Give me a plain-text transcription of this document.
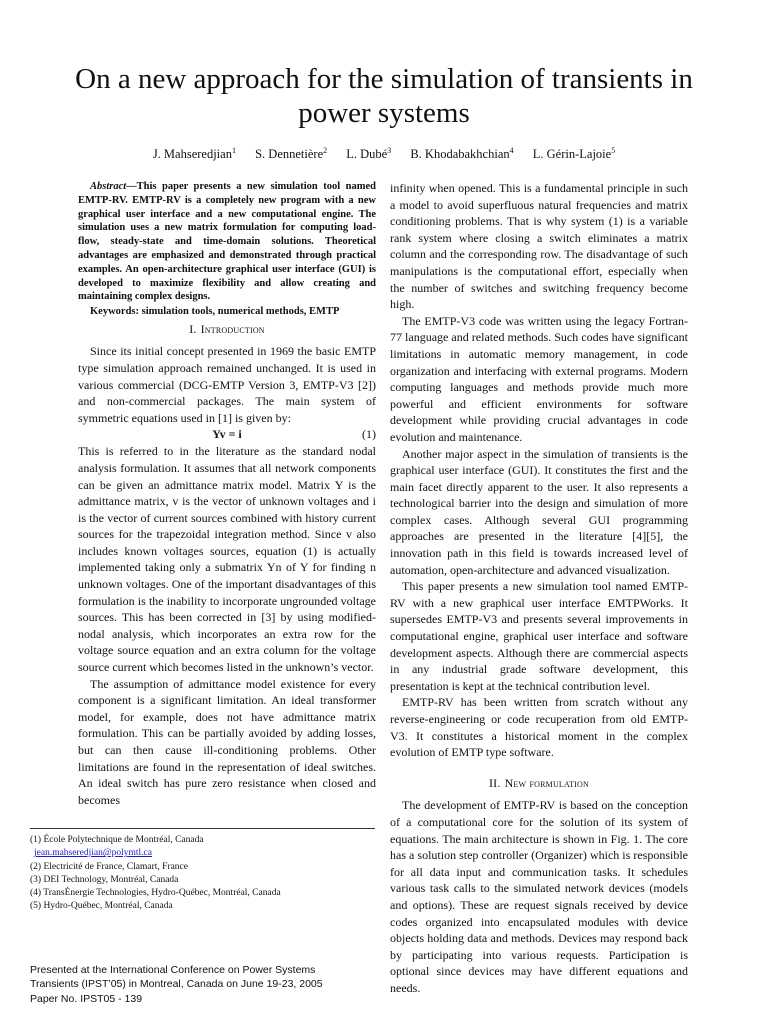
On a new approach for the simulation of transients in power systems
J. Mahseredjian$^1$ S. Dennetière$^2$ L. Dubé$^3$ B. Khodabakhchian$^4$ L. Gérin-Lajoie$^5$

Abstract—This paper presents a new simulation tool named EMTP-RV. EMTP-RV is a completely new program with a new graphical user interface and a new computational engine. The simulation uses a new matrix formulation for computing load-flow, steady-state and time-domain solutions. Theoretical advantages are emphasized and demonstrated through practical examples. An open-architecture graphical user interface (GUI) is developed to maximize flexibility and allow creating and maintaining complex designs.

Keywords: simulation tools, numerical methods, EMTP

I. Introduction

Since its initial concept presented in 1969 the basic EMTP type simulation approach remained unchanged. It is used in various commercial (DCG-EMTP Version 3, EMTP-V3 [2]) and non-commercial packages. The main system of symmetric equations used in [1] is given by:

Yv = i	(1)

This is referred to in the literature as the standard nodal analysis formulation. It assumes that all network components can be given an admittance matrix model. Matrix Y is the admittance matrix, v is the vector of unknown voltages and i is the vector of current sources combined with history current sources for the trapezoidal integration method. Since v also includes known voltages sources, equation (1) is actually implemented taking only a submatrix Yn of Y for finding n unknown voltages. One of the important disadvantages of this formulation is the inability to incorporate ungrounded voltage sources. This has been corrected in [3] by using modified-nodal analysis, which incorporates an extra row for the voltage source equation and an extra column for the voltage source current which becomes listed in the unknown’s vector.

The assumption of admittance model existence for every component is a significant limitation. An ideal transformer model, for example, does not have admittance matrix formulation. This can be partially avoided by adding losses, but can then cause ill-conditioning problems. Other limitations are found in the representation of ideal switches. An ideal switch has pure zero resistance when closed and becomes

infinity when opened. This is a fundamental principle in such a model to avoid superfluous natural frequencies and matrix conditioning problems. That is why system (1) is a variable rank system where closing a switch eliminates a matrix column and the corresponding row. The disadvantage of such manipulations is the computational effort, especially when the number of switches and switching frequency become high.

The EMTP-V3 code was written using the legacy Fortran-77 language and related methods. Such codes have significant limitations in automatic memory management, in code organization and interfacing with external programs. Modern computing languages and methods provide much more powerful and efficient environments for software development while providing crucial advantages in code evolution and maintenance.

Another major aspect in the simulation of transients is the graphical user interface (GUI). It constitutes the first and the main facet directly apparent to the user. It also represents a technological barrier into the design and simulation of more complex cases. Although several GUI programming approaches are presented in the literature [4][5], the innovation path in this field is towards increased level of automation, open-architecture and advanced visualization.

This paper presents a new simulation tool named EMTP-RV with a new graphical user interface EMTPWorks. It supersedes EMTP-V3 and presents several improvements in computational engine, graphical user interface and software development aspects. Although there are commercial aspects in any industrial grade software development, this presentation is kept at the technical contribution level.

EMTP-RV has been written from scratch without any reverse-engineering or code recuperation from old EMTP-V3. It constitutes a historical moment in the complex evolution of EMTP type software.

II. New formulation

The development of EMTP-RV is based on the conception of a computational core for the solution of its system of equations. The main architecture is shown in Fig. 1. The core has a solution step controller (Organizer) which is responsible for all data input and communication tasks. It schedules various task calls to the simulated network devices (models and options). These are request signals received by device codes organized into encapsulated modules with device objects holding data and methods. Devices may respond back by participating into various requests. Participation is optional since devices may have different equations and needs.

(1) École Polytechnique de Montréal, Canada
jean.mahseredjian@polymtl.ca
(2) Electricité de France, Clamart, France
(3) DEI Technology, Montréal, Canada
(4) TransÉnergie Technologies, Hydro-Québec, Montréal, Canada
(5) Hydro-Québec, Montréal, Canada
Presented at the International Conference on Power Systems
Transients (IPST’05) in Montreal, Canada on June 19-23, 2005
Paper No. IPST05 - 139
